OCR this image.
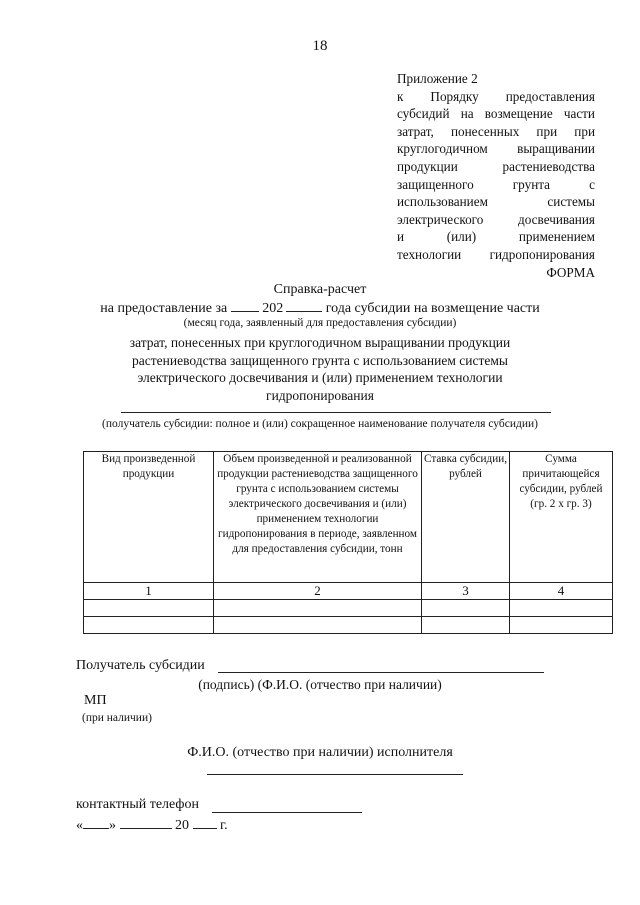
18
Приложение 2
к Порядку предоставления
субсидий на возмещение части
затрат, понесенных при при
круглогодичном выращивании
продукции растениеводства
защищенного грунта с
использованием системы
электрического досвечивания
и (или) применением
технологии гидропонирования
ФОРМА
Справка-расчет
на предоставление за	202	года субсидии на возмещение части
(месяц года, заявленный для предоставления субсидии)
затрат, понесенных при круглогодичном выращивании продукции
растениеводства защищенного грунта с использованием системы
электрического досвечивания и (или) применением технологии
гидропонирования
(получатель субсидии: полное и (или) сокращенное наименование получателя субсидии)
Вид произведенной продукции	Объем произведенной и реализованной продукции растениеводства защищенного грунта с использованием системы электрического досвечивания и (или) применением технологии гидропонирования в периоде, заявленном для предоставления субсидии, тонн	Ставка субсидии, рублей	Сумма причитающейся субсидии, рублей (гр. 2 х гр. 3)
1	2	3	4

Получатель субсидии
(подпись) (Ф.И.О. (отчество при наличии)
МП
(при наличии)
Ф.И.О. (отчество при наличии) исполнителя
контактный телефон
« »	20 г.
